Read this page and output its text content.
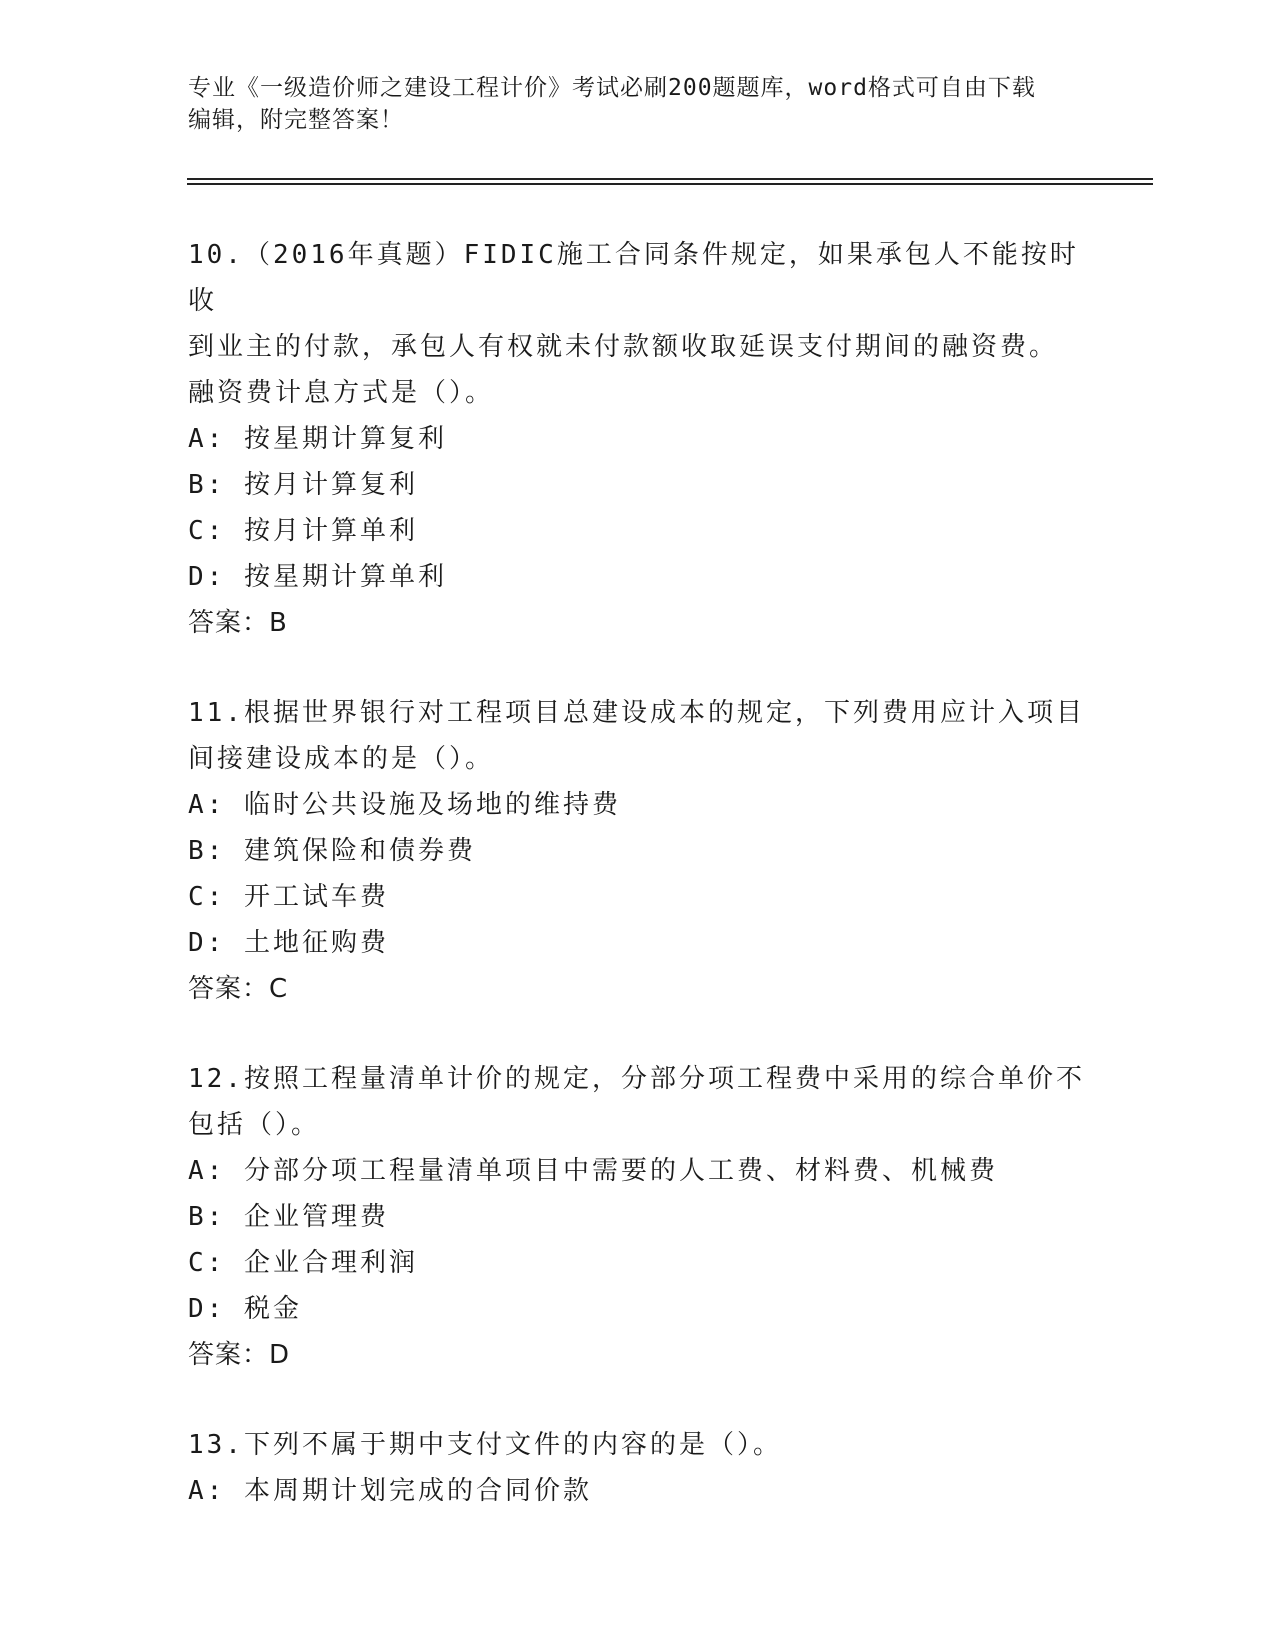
专业《一级造价师之建设工程计价》考试必刷200题题库，word格式可自由下载

编辑，附完整答案！

10.（2016年真题）FIDIC施工合同条件规定，如果承包人不能按时收

到业主的付款，承包人有权就未付款额收取延误支付期间的融资费。

融资费计息方式是（）。

A: 按星期计算复利

B: 按月计算复利

C: 按月计算单利

D: 按星期计算单利

答案：B

11.根据世界银行对工程项目总建设成本的规定，下列费用应计入项目

间接建设成本的是（）。

A: 临时公共设施及场地的维持费

B: 建筑保险和债券费

C: 开工试车费

D: 土地征购费

答案：C

12.按照工程量清单计价的规定，分部分项工程费中采用的综合单价不

包括（）。

A: 分部分项工程量清单项目中需要的人工费、材料费、机械费

B: 企业管理费

C: 企业合理利润

D: 税金

答案：D

13.下列不属于期中支付文件的内容的是（）。

A: 本周期计划完成的合同价款
